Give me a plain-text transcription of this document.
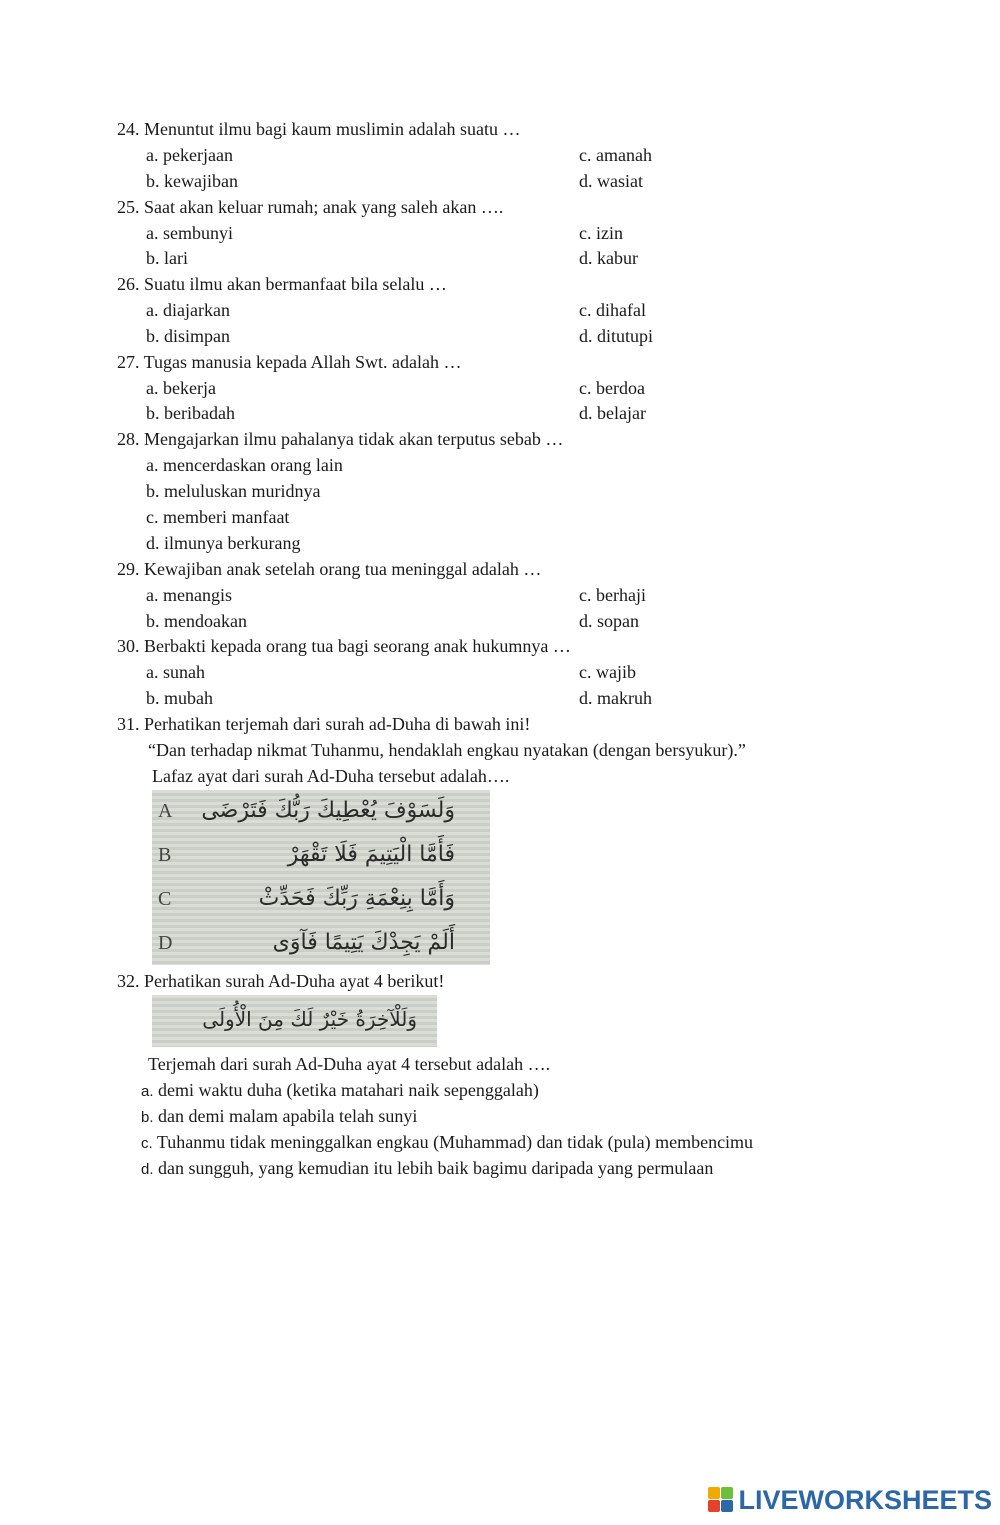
24. Menuntut ilmu bagi kaum muslimin adalah suatu …
a. pekerjaan	c. amanah
b. kewajiban	d. wasiat
25. Saat akan keluar rumah; anak yang saleh akan ….
a. sembunyi	c. izin
b. lari	d. kabur
26. Suatu ilmu akan bermanfaat bila selalu …
a. diajarkan	c. dihafal
b. disimpan	d. ditutupi
27. Tugas manusia kepada Allah Swt. adalah …
a. bekerja	c. berdoa
b. beribadah	d. belajar
28. Mengajarkan ilmu pahalanya tidak akan terputus sebab …
a. mencerdaskan orang lain
b. meluluskan muridnya
c. memberi manfaat
d. ilmunya berkurang
29. Kewajiban anak setelah orang tua meninggal adalah …
a. menangis	c. berhaji
b. mendoakan	d. sopan
30. Berbakti kepada orang tua bagi seorang anak hukumnya …
a. sunah	c. wajib
b. mubah	d. makruh
31. Perhatikan terjemah dari surah ad-Duha di bawah ini!
“Dan terhadap nikmat Tuhanmu, hendaklah engkau nyatakan (dengan bersyukur).”
Lafaz ayat dari surah Ad-Duha tersebut adalah….
A وَلَسَوْفَ يُعْطِيكَ رَبُّكَ فَتَرْضَى
B	فَأَمَّا الْيَتِيمَ فَلَا تَقْهَرْ
C	وَأَمَّا بِنِعْمَةِ رَبِّكَ فَحَدِّثْ
D	أَلَمْ يَجِدْكَ يَتِيمًا فَآوَى
32. Perhatikan surah Ad-Duha ayat 4 berikut!
وَلَلْآخِرَةُ خَيْرٌ لَكَ مِنَ الْأُولَى
Terjemah dari surah Ad-Duha ayat 4 tersebut adalah ….
a. demi waktu duha (ketika matahari naik sepenggalah)
b. dan demi malam apabila telah sunyi
c. Tuhanmu tidak meninggalkan engkau (Muhammad) dan tidak (pula) membencimu
d. dan sungguh, yang kemudian itu lebih baik bagimu daripada yang permulaan
LIVEWORKSHEETS
